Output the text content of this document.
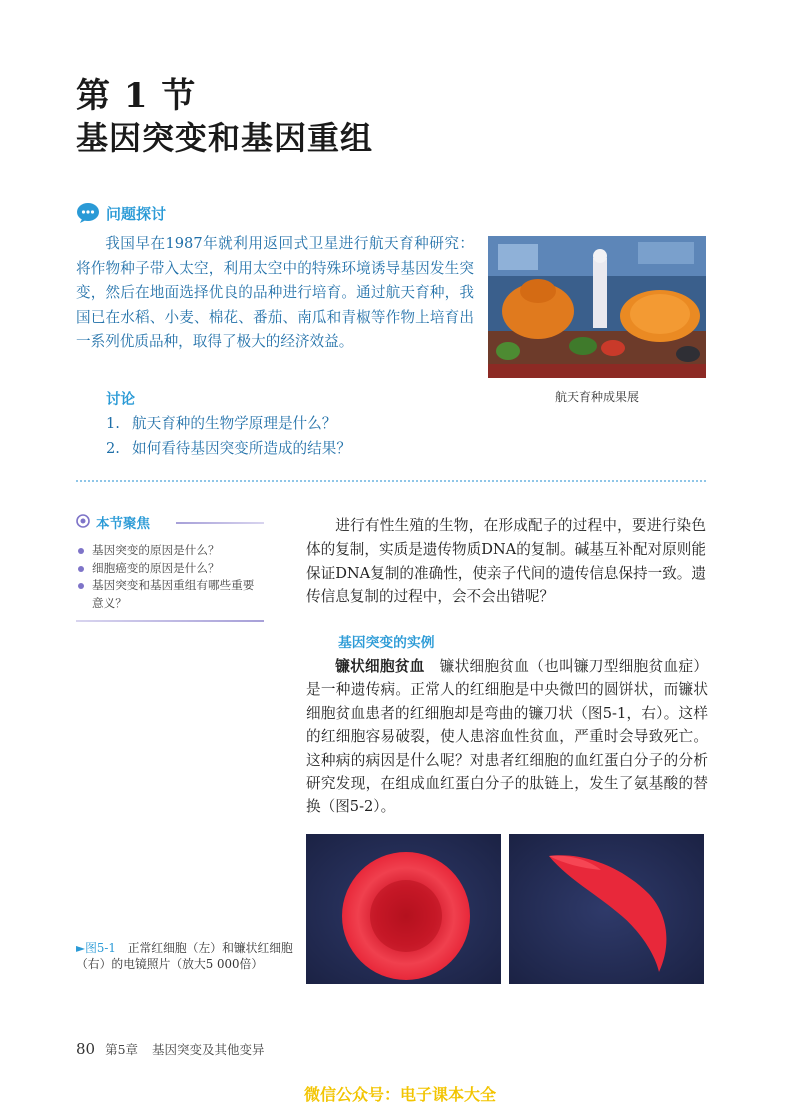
第 1 节
基因突变和基因重组
问题探讨
我国早在1987年就利用返回式卫星进行航天育种研究：将作物种子带入太空，利用太空中的特殊环境诱导基因发生突变，然后在地面选择优良的品种进行培育。通过航天育种，我国已在水稻、小麦、棉花、番茄、南瓜和青椒等作物上培育出一系列优质品种，取得了极大的经济效益。
航天育种成果展
讨论
1. 航天育种的生物学原理是什么？
2. 如何看待基因突变所造成的结果？
本节聚焦
基因突变的原因是什么？
细胞癌变的原因是什么？
基因突变和基因重组有哪些重要意义？
进行有性生殖的生物，在形成配子的过程中，要进行染色体的复制，实质是遗传物质DNA的复制。碱基互补配对原则能保证DNA复制的准确性，使亲子代间的遗传信息保持一致。遗传信息复制的过程中，会不会出错呢？
基因突变的实例
镰状细胞贫血　 镰状细胞贫血（也叫镰刀型细胞贫血症）是一种遗传病。正常人的红细胞是中央微凹的圆饼状，而镰状细胞贫血患者的红细胞却是弯曲的镰刀状（图5-1，右）。这样的红细胞容易破裂，使人患溶血性贫血，严重时会导致死亡。这种病的病因是什么呢？对患者红细胞的血红蛋白分子的分析研究发现，在组成血红蛋白分子的肽链上，发生了氨基酸的替换（图5-2）。
►图5-1　 正常红细胞（左）和镰状红细胞（右）的电镜照片（放大5 000倍）
80 第5章 基因突变及其他变异
微信公众号：电子课本大全
